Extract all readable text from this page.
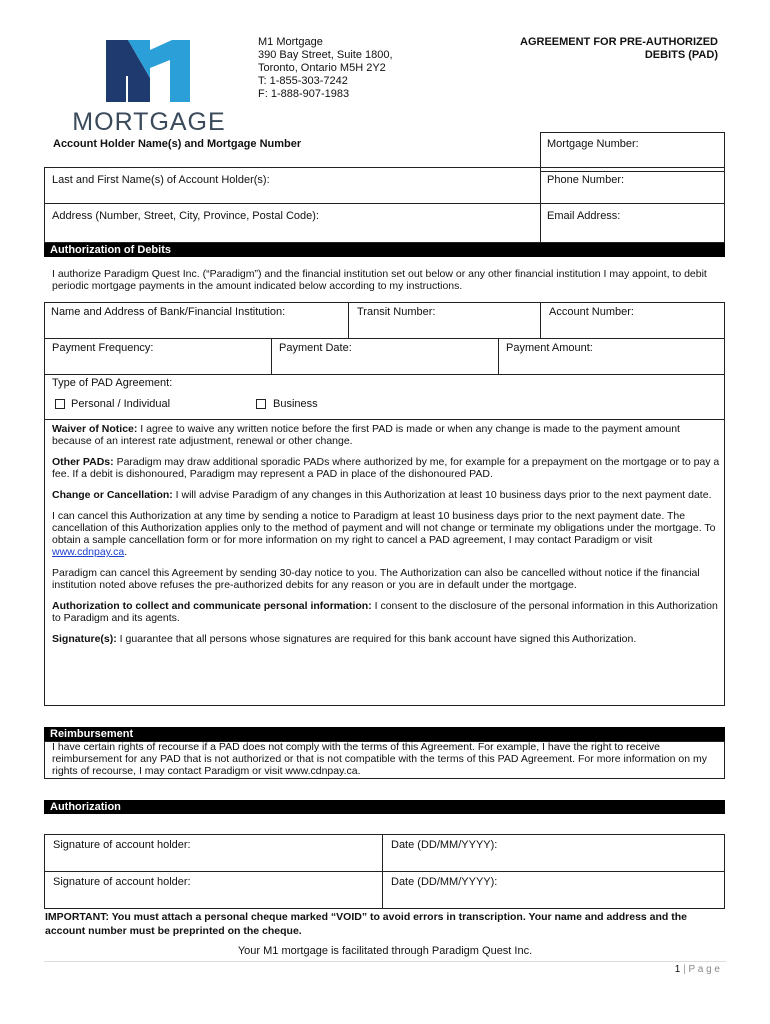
MORTGAGE
M1 Mortgage
390 Bay Street, Suite 1800,
Toronto, Ontario M5H 2Y2
T: 1-855-303-7242
F: 1-888-907-1983
AGREEMENT FOR PRE-AUTHORIZED
DEBITS (PAD)
Account Holder Name(s) and Mortgage Number	Mortgage Number:
Last and First Name(s) of Account Holder(s):	Phone Number:
Address (Number, Street, City, Province, Postal Code):	Email Address:
Authorization of Debits
I authorize Paradigm Quest Inc. (“Paradigm”) and the financial institution set out below or any other financial institution I may appoint, to debit periodic mortgage payments in the amount indicated below according to my instructions.
Name and Address of Bank/Financial Institution:	Transit Number:	Account Number:
Payment Frequency:	Payment Date:	Payment Amount:
Type of PAD Agreement:
Personal / Individual	Business

Waiver of Notice: I agree to waive any written notice before the first PAD is made or when any change is made to the payment amount because of an interest rate adjustment, renewal or other change.

Other PADs: Paradigm may draw additional sporadic PADs where authorized by me, for example for a prepayment on the mortgage or to pay a fee. If a debit is dishonoured, Paradigm may represent a PAD in place of the dishonoured PAD.

Change or Cancellation: I will advise Paradigm of any changes in this Authorization at least 10 business days prior to the next payment date.

I can cancel this Authorization at any time by sending a notice to Paradigm at least 10 business days prior to the next payment date. The cancellation of this Authorization applies only to the method of payment and will not change or terminate my obligations under the mortgage. To obtain a sample cancellation form or for more information on my right to cancel a PAD agreement, I may contact Paradigm or visit www.cdnpay.ca.

Paradigm can cancel this Agreement by sending 30-day notice to you. The Authorization can also be cancelled without notice if the financial institution noted above refuses the pre-authorized debits for any reason or you are in default under the mortgage.

Authorization to collect and communicate personal information: I consent to the disclosure of the personal information in this Authorization to Paradigm and its agents.

Signature(s): I guarantee that all persons whose signatures are required for this bank account have signed this Authorization.

Reimbursement
I have certain rights of recourse if a PAD does not comply with the terms of this Agreement. For example, I have the right to receive reimbursement for any PAD that is not authorized or that is not compatible with the terms of this PAD Agreement. For more information on my rights of recourse, I may contact Paradigm or visit www.cdnpay.ca.
Authorization
Signature of account holder:	Date (DD/MM/YYYY):
Signature of account holder:	Date (DD/MM/YYYY):
IMPORTANT: You must attach a personal cheque marked “VOID” to avoid errors in transcription. Your name and address and the account number must be preprinted on the cheque.
Your M1 mortgage is facilitated through Paradigm Quest Inc.
1 | P a g e
